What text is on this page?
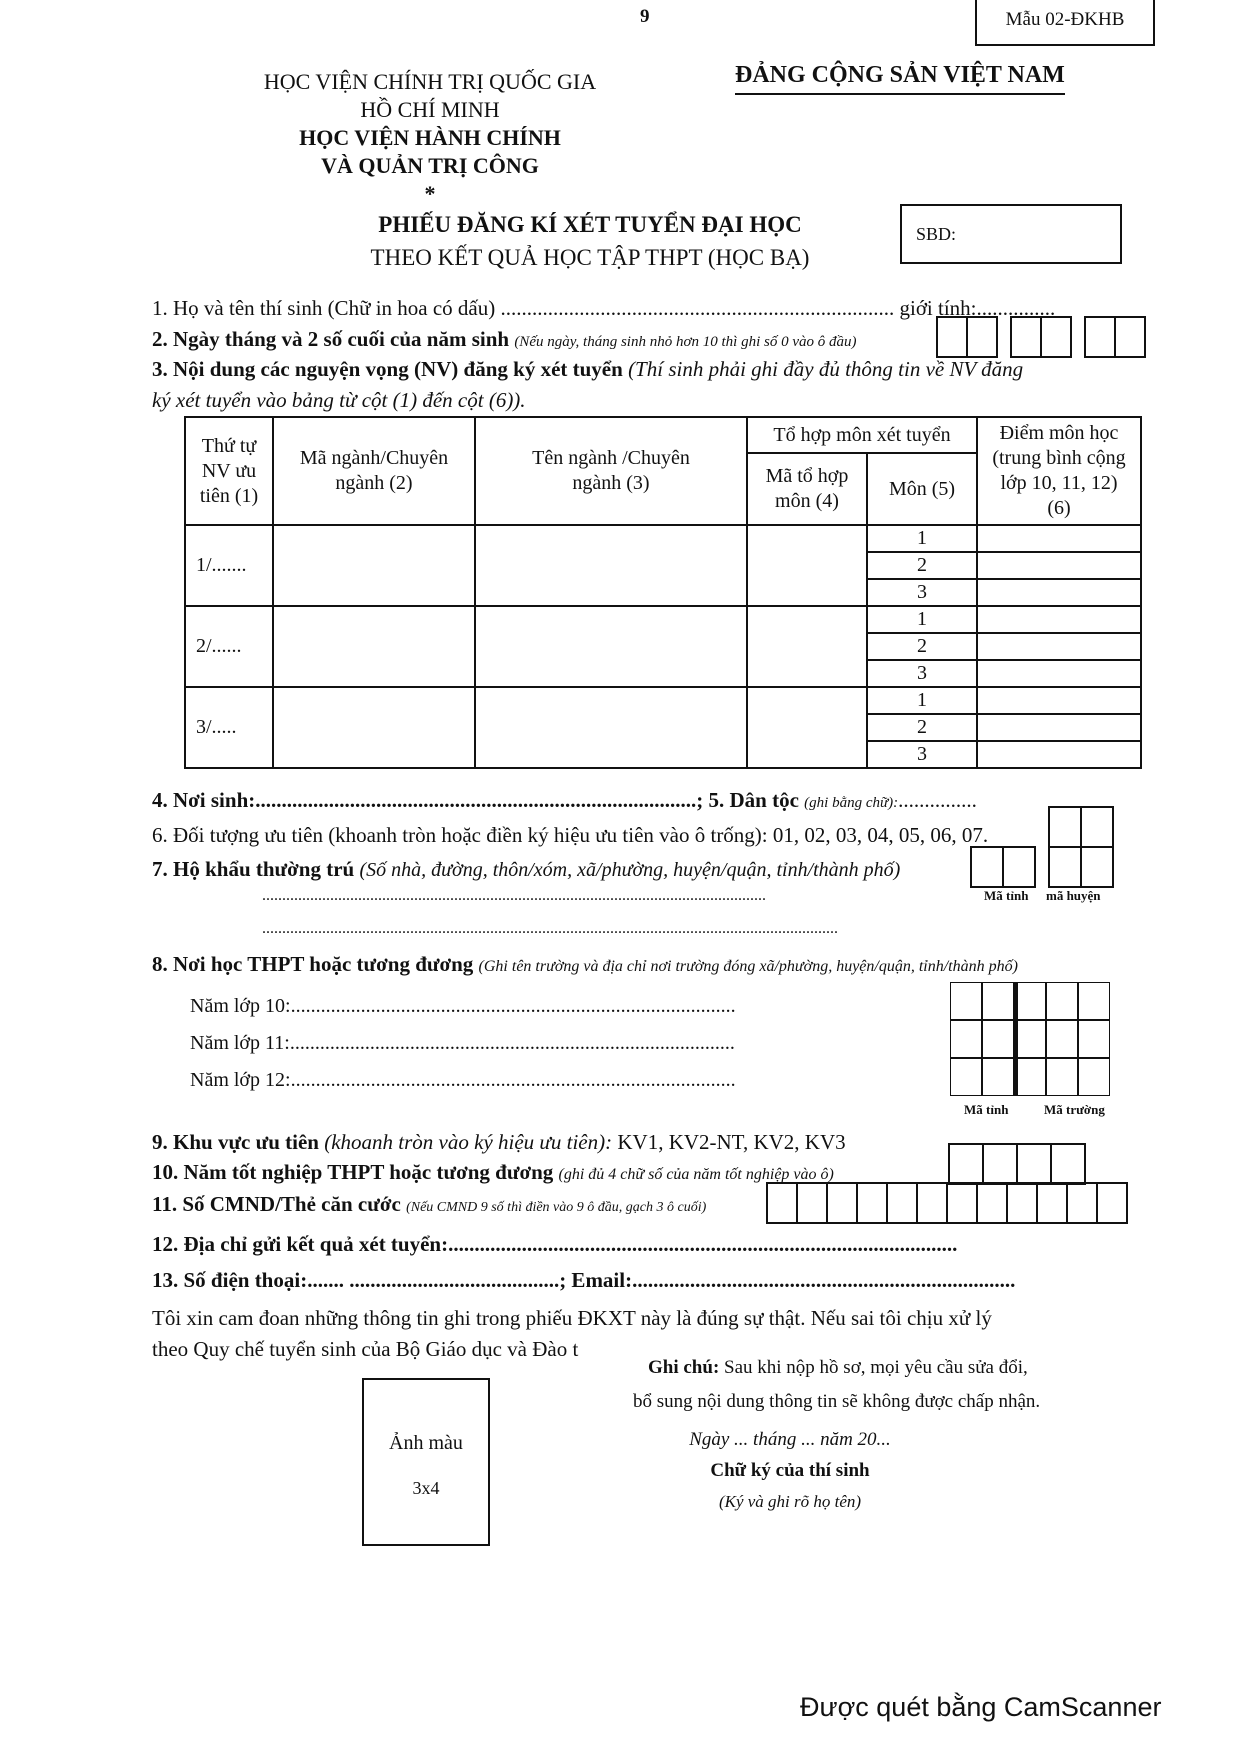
9	Mẫu 02-ĐKHB
HỌC VIỆN CHÍNH TRỊ QUỐC GIA
HỒ CHÍ MINH
HỌC VIỆN HÀNH CHÍNH
VÀ QUẢN TRỊ CÔNG
*
ĐẢNG CỘNG SẢN VIỆT NAM
PHIẾU ĐĂNG KÍ XÉT TUYỂN ĐẠI HỌC
THEO KẾT QUẢ HỌC TẬP THPT (HỌC BẠ)
SBD:
1. Họ và tên thí sinh (Chữ in hoa có dấu) ........................................................................... giới tính:...............
2. Ngày tháng và 2 số cuối của năm sinh (Nếu ngày, tháng sinh nhỏ hơn 10 thì ghi số 0 vào ô đầu)
3. Nội dung các nguyện vọng (NV) đăng ký xét tuyển (Thí sinh phải ghi đầy đủ thông tin về NV đăng
ký xét tuyển vào bảng từ cột (1) đến cột (6)).
Thứ tự NV ưu tiên (1)	Mã ngành/Chuyên ngành (2)	Tên ngành /Chuyên ngành (3)	Tổ hợp môn xét tuyển		Điểm môn học (trung bình cộng lớp 10, 11, 12) (6)
			Mã tổ hợp môn (4)	Môn (5)	
1/.......				1	
				2	
				3	
2/......				1	
				2	
				3	
3/.....				1	
				2	
				3	
4. Nơi sinh:....................................................................................; 5. Dân tộc (ghi bằng chữ):...............
6. Đối tượng ưu tiên (khoanh tròn hoặc điền ký hiệu ưu tiên vào ô trống): 01, 02, 03, 04, 05, 06, 07.
7. Hộ khẩu thường trú (Số nhà, đường, thôn/xóm, xã/phường, huyện/quận, tỉnh/thành phố)
..............................................................................................................................	Mã tỉnh mã huyện
................................................................................................................................................
8. Nơi học THPT hoặc tương đương (Ghi tên trường và địa chỉ nơi trường đóng xã/phường, huyện/quận, tỉnh/thành phố)
Năm lớp 10:.........................................................................................
Năm lớp 11:.........................................................................................
Năm lớp 12:.........................................................................................
Mã tỉnh	Mã trường
9. Khu vực ưu tiên (khoanh tròn vào ký hiệu ưu tiên): KV1, KV2-NT, KV2, KV3
10. Năm tốt nghiệp THPT hoặc tương đương (ghi đủ 4 chữ số của năm tốt nghiệp vào ô)
11. Số CMND/Thẻ căn cước (Nếu CMND 9 số thì điền vào 9 ô đầu, gạch 3 ô cuối)
12. Địa chỉ gửi kết quả xét tuyển:.................................................................................................
13. Số điện thoại:....... ........................................; Email:.........................................................................
Tôi xin cam đoan những thông tin ghi trong phiếu ĐKXT này là đúng sự thật. Nếu sai tôi chịu xử lý
theo Quy chế tuyển sinh của Bộ Giáo dục và Đào t
Ghi chú: Sau khi nộp hồ sơ, mọi yêu cầu sửa đổi,
bổ sung nội dung thông tin sẽ không được chấp nhận.
Ảnh màu
3x4
Ngày ... tháng ... năm 20...
Chữ ký của thí sinh
(Ký và ghi rõ họ tên)
Được quét bằng CamScanner
